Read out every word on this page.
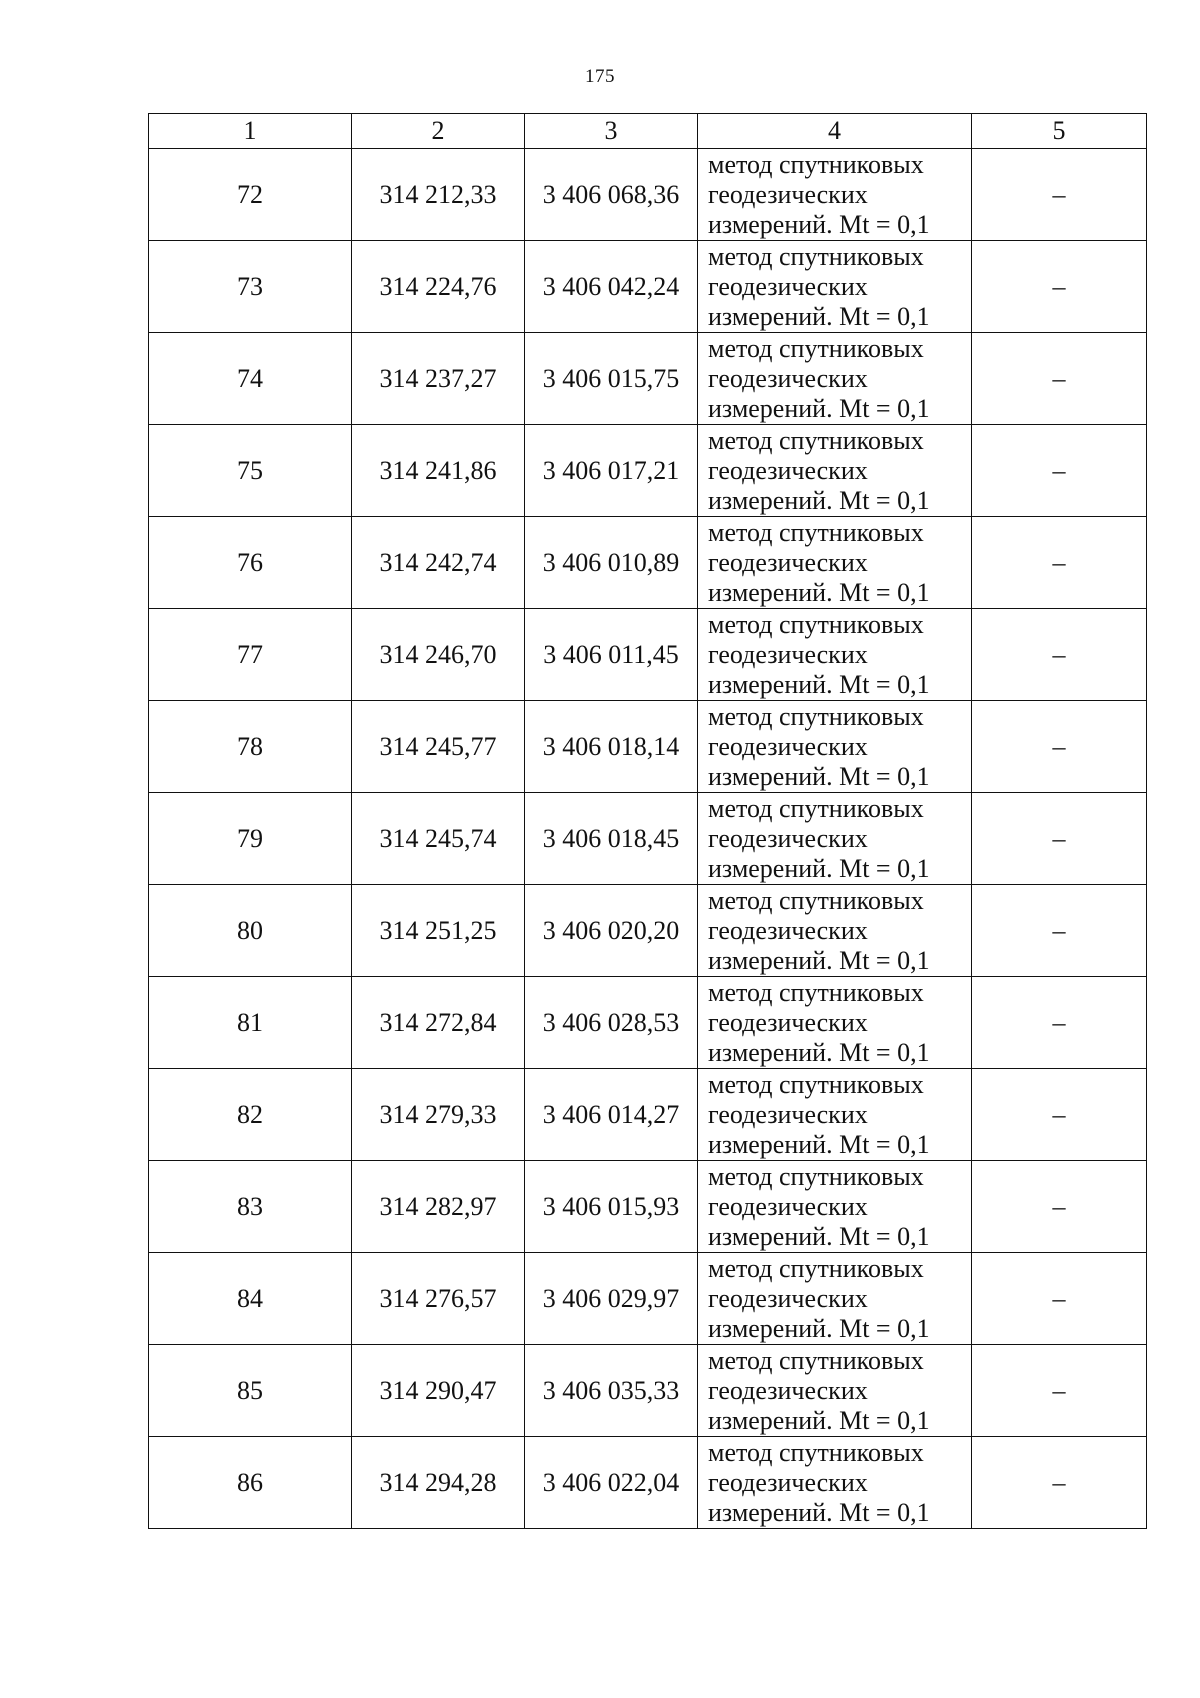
175
1	2	3	4	5
72	314 212,33	3 406 068,36	метод спутниковых
геодезических
измерений. Mt = 0,1	–
73	314 224,76	3 406 042,24	метод спутниковых
геодезических
измерений. Mt = 0,1	–
74	314 237,27	3 406 015,75	метод спутниковых
геодезических
измерений. Mt = 0,1	–
75	314 241,86	3 406 017,21	метод спутниковых
геодезических
измерений. Mt = 0,1	–
76	314 242,74	3 406 010,89	метод спутниковых
геодезических
измерений. Mt = 0,1	–
77	314 246,70	3 406 011,45	метод спутниковых
геодезических
измерений. Mt = 0,1	–
78	314 245,77	3 406 018,14	метод спутниковых
геодезических
измерений. Mt = 0,1	–
79	314 245,74	3 406 018,45	метод спутниковых
геодезических
измерений. Mt = 0,1	–
80	314 251,25	3 406 020,20	метод спутниковых
геодезических
измерений. Mt = 0,1	–
81	314 272,84	3 406 028,53	метод спутниковых
геодезических
измерений. Mt = 0,1	–
82	314 279,33	3 406 014,27	метод спутниковых
геодезических
измерений. Mt = 0,1	–
83	314 282,97	3 406 015,93	метод спутниковых
геодезических
измерений. Mt = 0,1	–
84	314 276,57	3 406 029,97	метод спутниковых
геодезических
измерений. Mt = 0,1	–
85	314 290,47	3 406 035,33	метод спутниковых
геодезических
измерений. Mt = 0,1	–
86	314 294,28	3 406 022,04	метод спутниковых
геодезических
измерений. Mt = 0,1	–
